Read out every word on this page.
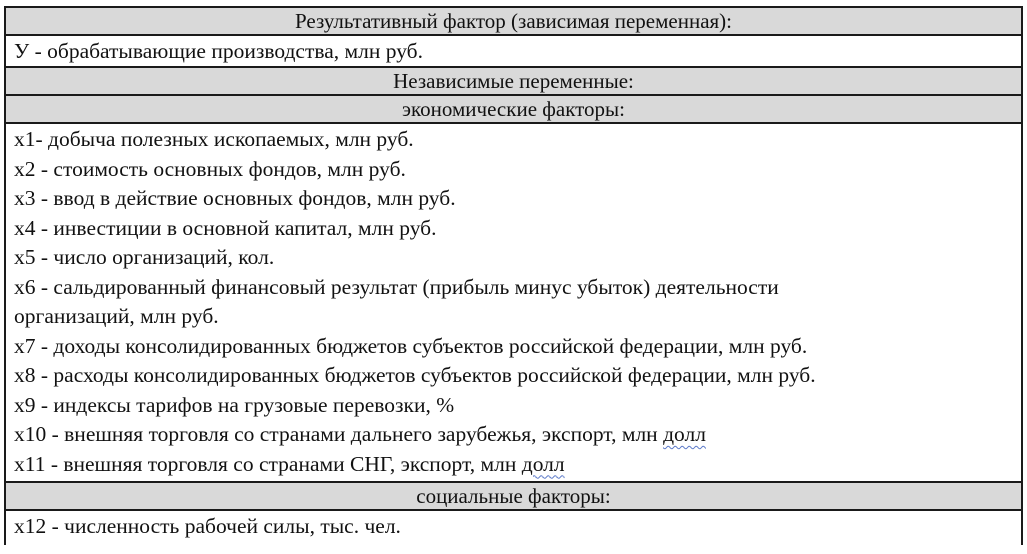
Результативный фактор (зависимая переменная):
У - обрабатывающие производства, млн руб.
Независимые переменные:
экономические факторы:
х1- добыча полезных ископаемых, млн руб.
х2 - стоимость основных фондов, млн руб.
х3 - ввод в действие основных фондов, млн руб.
х4 - инвестиции в основной капитал, млн руб.
х5 - число организаций, кол.
х6 - сальдированный финансовый результат (прибыль минус убыток) деятельности
организаций, млн руб.
х7 - доходы консолидированных бюджетов субъектов российской федерации, млн руб.
х8 - расходы консолидированных бюджетов субъектов российской федерации, млн руб.
х9 - индексы тарифов на грузовые перевозки, %
х10 - внешняя торговля со странами дальнего зарубежья, экспорт, млн долл
х11 - внешняя торговля со странами СНГ, экспорт, млн долл
социальные факторы:
х12 - численность рабочей силы, тыс. чел.
